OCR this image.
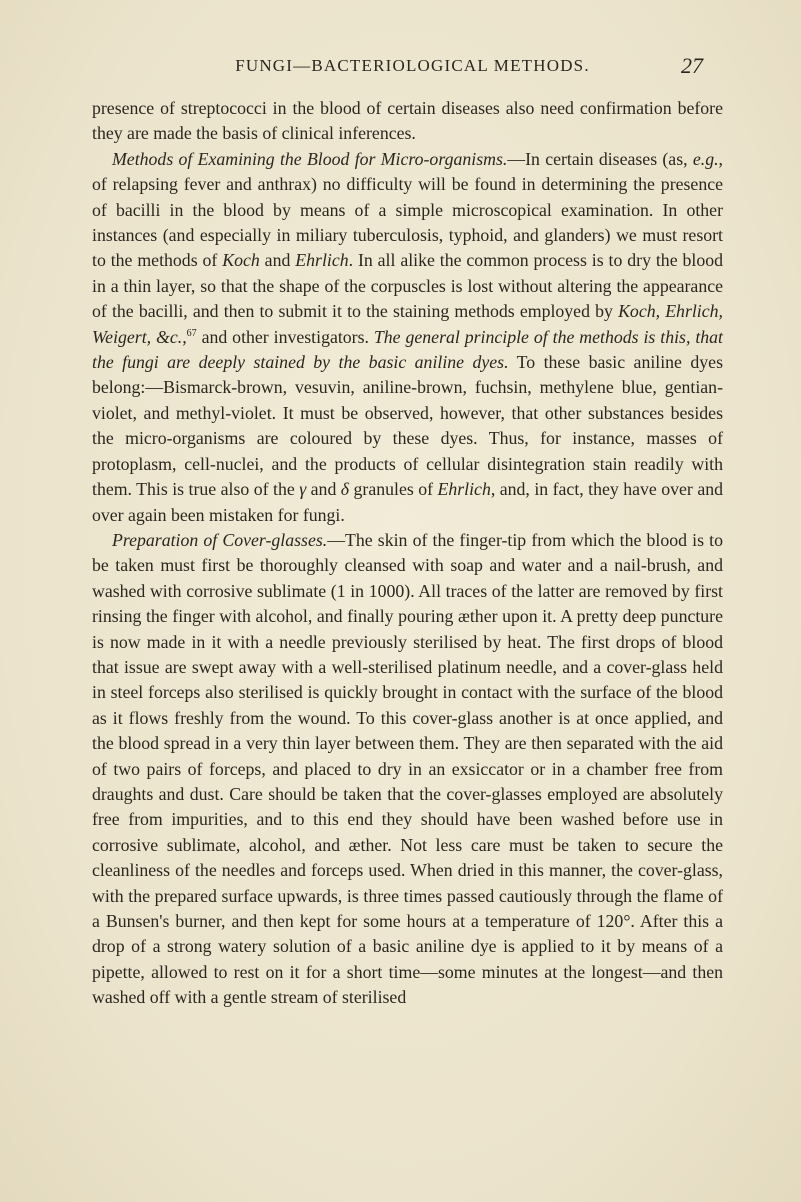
FUNGI—BACTERIOLOGICAL METHODS.	27

presence of streptococci in the blood of certain diseases also need confirmation before they are made the basis of clinical inferences.

Methods of Examining the Blood for Micro-organisms.—In certain diseases (as, e.g., of relapsing fever and anthrax) no difficulty will be found in determining the presence of bacilli in the blood by means of a simple microscopical examination. In other instances (and especially in miliary tuberculosis, typhoid, and glanders) we must resort to the methods of Koch and Ehrlich. In all alike the common process is to dry the blood in a thin layer, so that the shape of the corpuscles is lost without altering the appearance of the bacilli, and then to submit it to the staining methods employed by Koch, Ehrlich, Weigert, &c.,$^{67}$ and other investigators. The general principle of the methods is this, that the fungi are deeply stained by the basic aniline dyes. To these basic aniline dyes belong:—Bismarck-brown, vesuvin, aniline-brown, fuchsin, methylene blue, gentian-violet, and methyl-violet. It must be observed, however, that other substances besides the micro-organisms are coloured by these dyes. Thus, for instance, masses of protoplasm, cell-nuclei, and the products of cellular disintegration stain readily with them. This is true also of the γ and δ granules of Ehrlich, and, in fact, they have over and over again been mistaken for fungi.

Preparation of Cover-glasses.—The skin of the finger-tip from which the blood is to be taken must first be thoroughly cleansed with soap and water and a nail-brush, and washed with corrosive sublimate (1 in 1000). All traces of the latter are removed by first rinsing the finger with alcohol, and finally pouring æther upon it. A pretty deep puncture is now made in it with a needle previously sterilised by heat. The first drops of blood that issue are swept away with a well-sterilised platinum needle, and a cover-glass held in steel forceps also sterilised is quickly brought in contact with the surface of the blood as it flows freshly from the wound. To this cover-glass another is at once applied, and the blood spread in a very thin layer between them. They are then separated with the aid of two pairs of forceps, and placed to dry in an exsiccator or in a chamber free from draughts and dust. Care should be taken that the cover-glasses employed are absolutely free from impurities, and to this end they should have been washed before use in corrosive sublimate, alcohol, and æther. Not less care must be taken to secure the cleanliness of the needles and forceps used. When dried in this manner, the cover-glass, with the prepared surface upwards, is three times passed cautiously through the flame of a Bunsen's burner, and then kept for some hours at a temperature of 120°. After this a drop of a strong watery solution of a basic aniline dye is applied to it by means of a pipette, allowed to rest on it for a short time—some minutes at the longest—and then washed off with a gentle stream of sterilised
